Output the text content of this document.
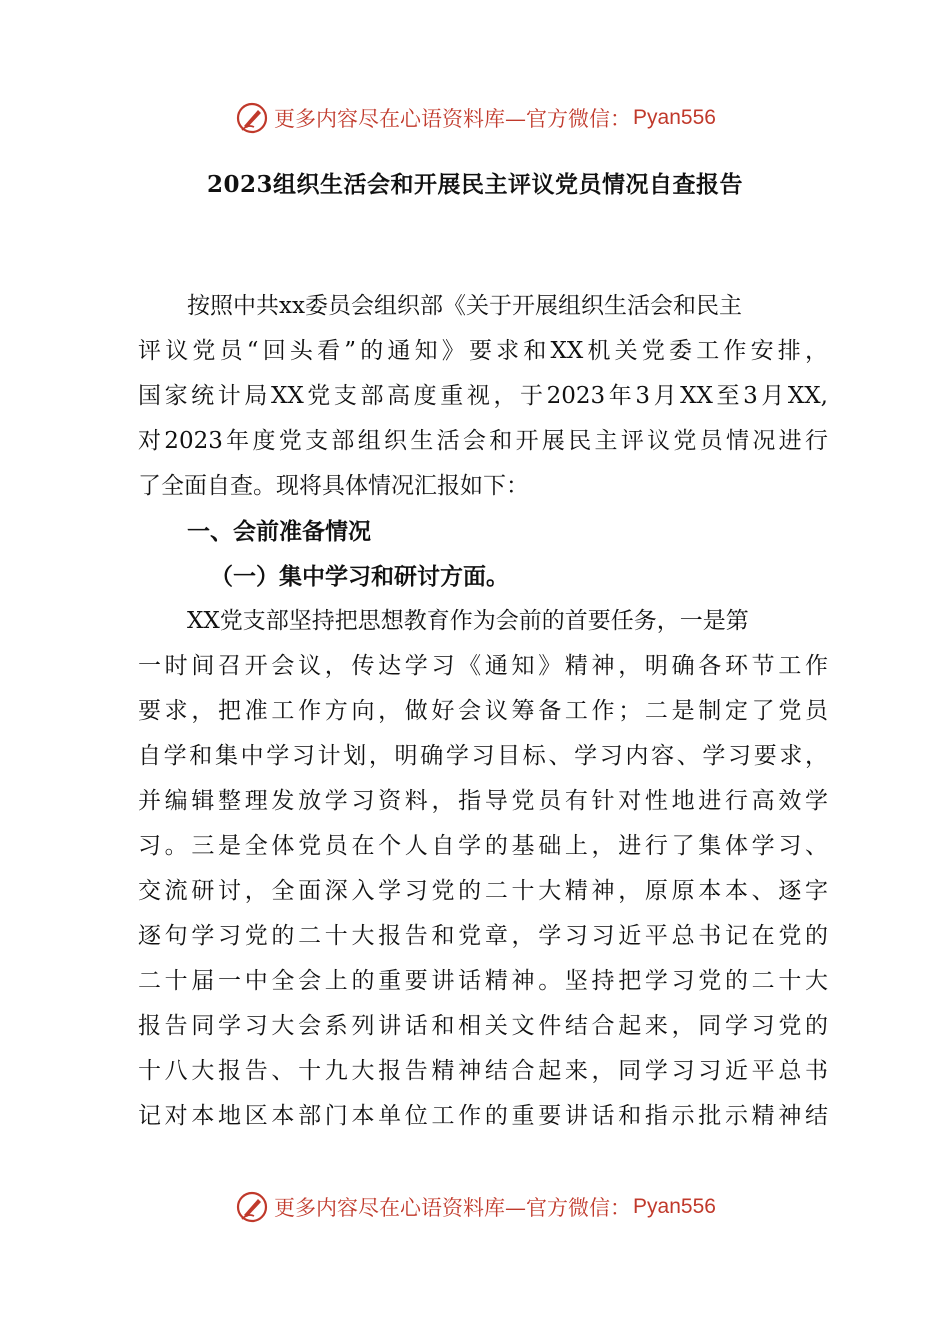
更多内容尽在心语资料库—官方微信： Pyan556
2023组织生活会和开展民主评议党员情况自查报告
按照中共xx委员会组织部《关于开展组织生活会和民主
评议党员“回头看”的通知》要求和XX机关党委工作安排，
国家统计局XX党支部高度重视，于2023年3月XX至3月XX,
对2023年度党支部组织生活会和开展民主评议党员情况进行
了全面自查。现将具体情况汇报如下：
一、会前准备情况
（一）集中学习和研讨方面。
XX党支部坚持把思想教育作为会前的首要任务，一是第
一时间召开会议，传达学习《通知》精神，明确各环节工作
要求，把准工作方向，做好会议筹备工作；二是制定了党员
自学和集中学习计划，明确学习目标、学习内容、学习要求，
并编辑整理发放学习资料，指导党员有针对性地进行高效学
习。三是全体党员在个人自学的基础上，进行了集体学习、
交流研讨，全面深入学习党的二十大精神，原原本本、逐字
逐句学习党的二十大报告和党章，学习习近平总书记在党的
二十届一中全会上的重要讲话精神。坚持把学习党的二十大
报告同学习大会系列讲话和相关文件结合起来，同学习党的
十八大报告、十九大报告精神结合起来，同学习习近平总书
记对本地区本部门本单位工作的重要讲话和指示批示精神结
更多内容尽在心语资料库—官方微信： Pyan556
